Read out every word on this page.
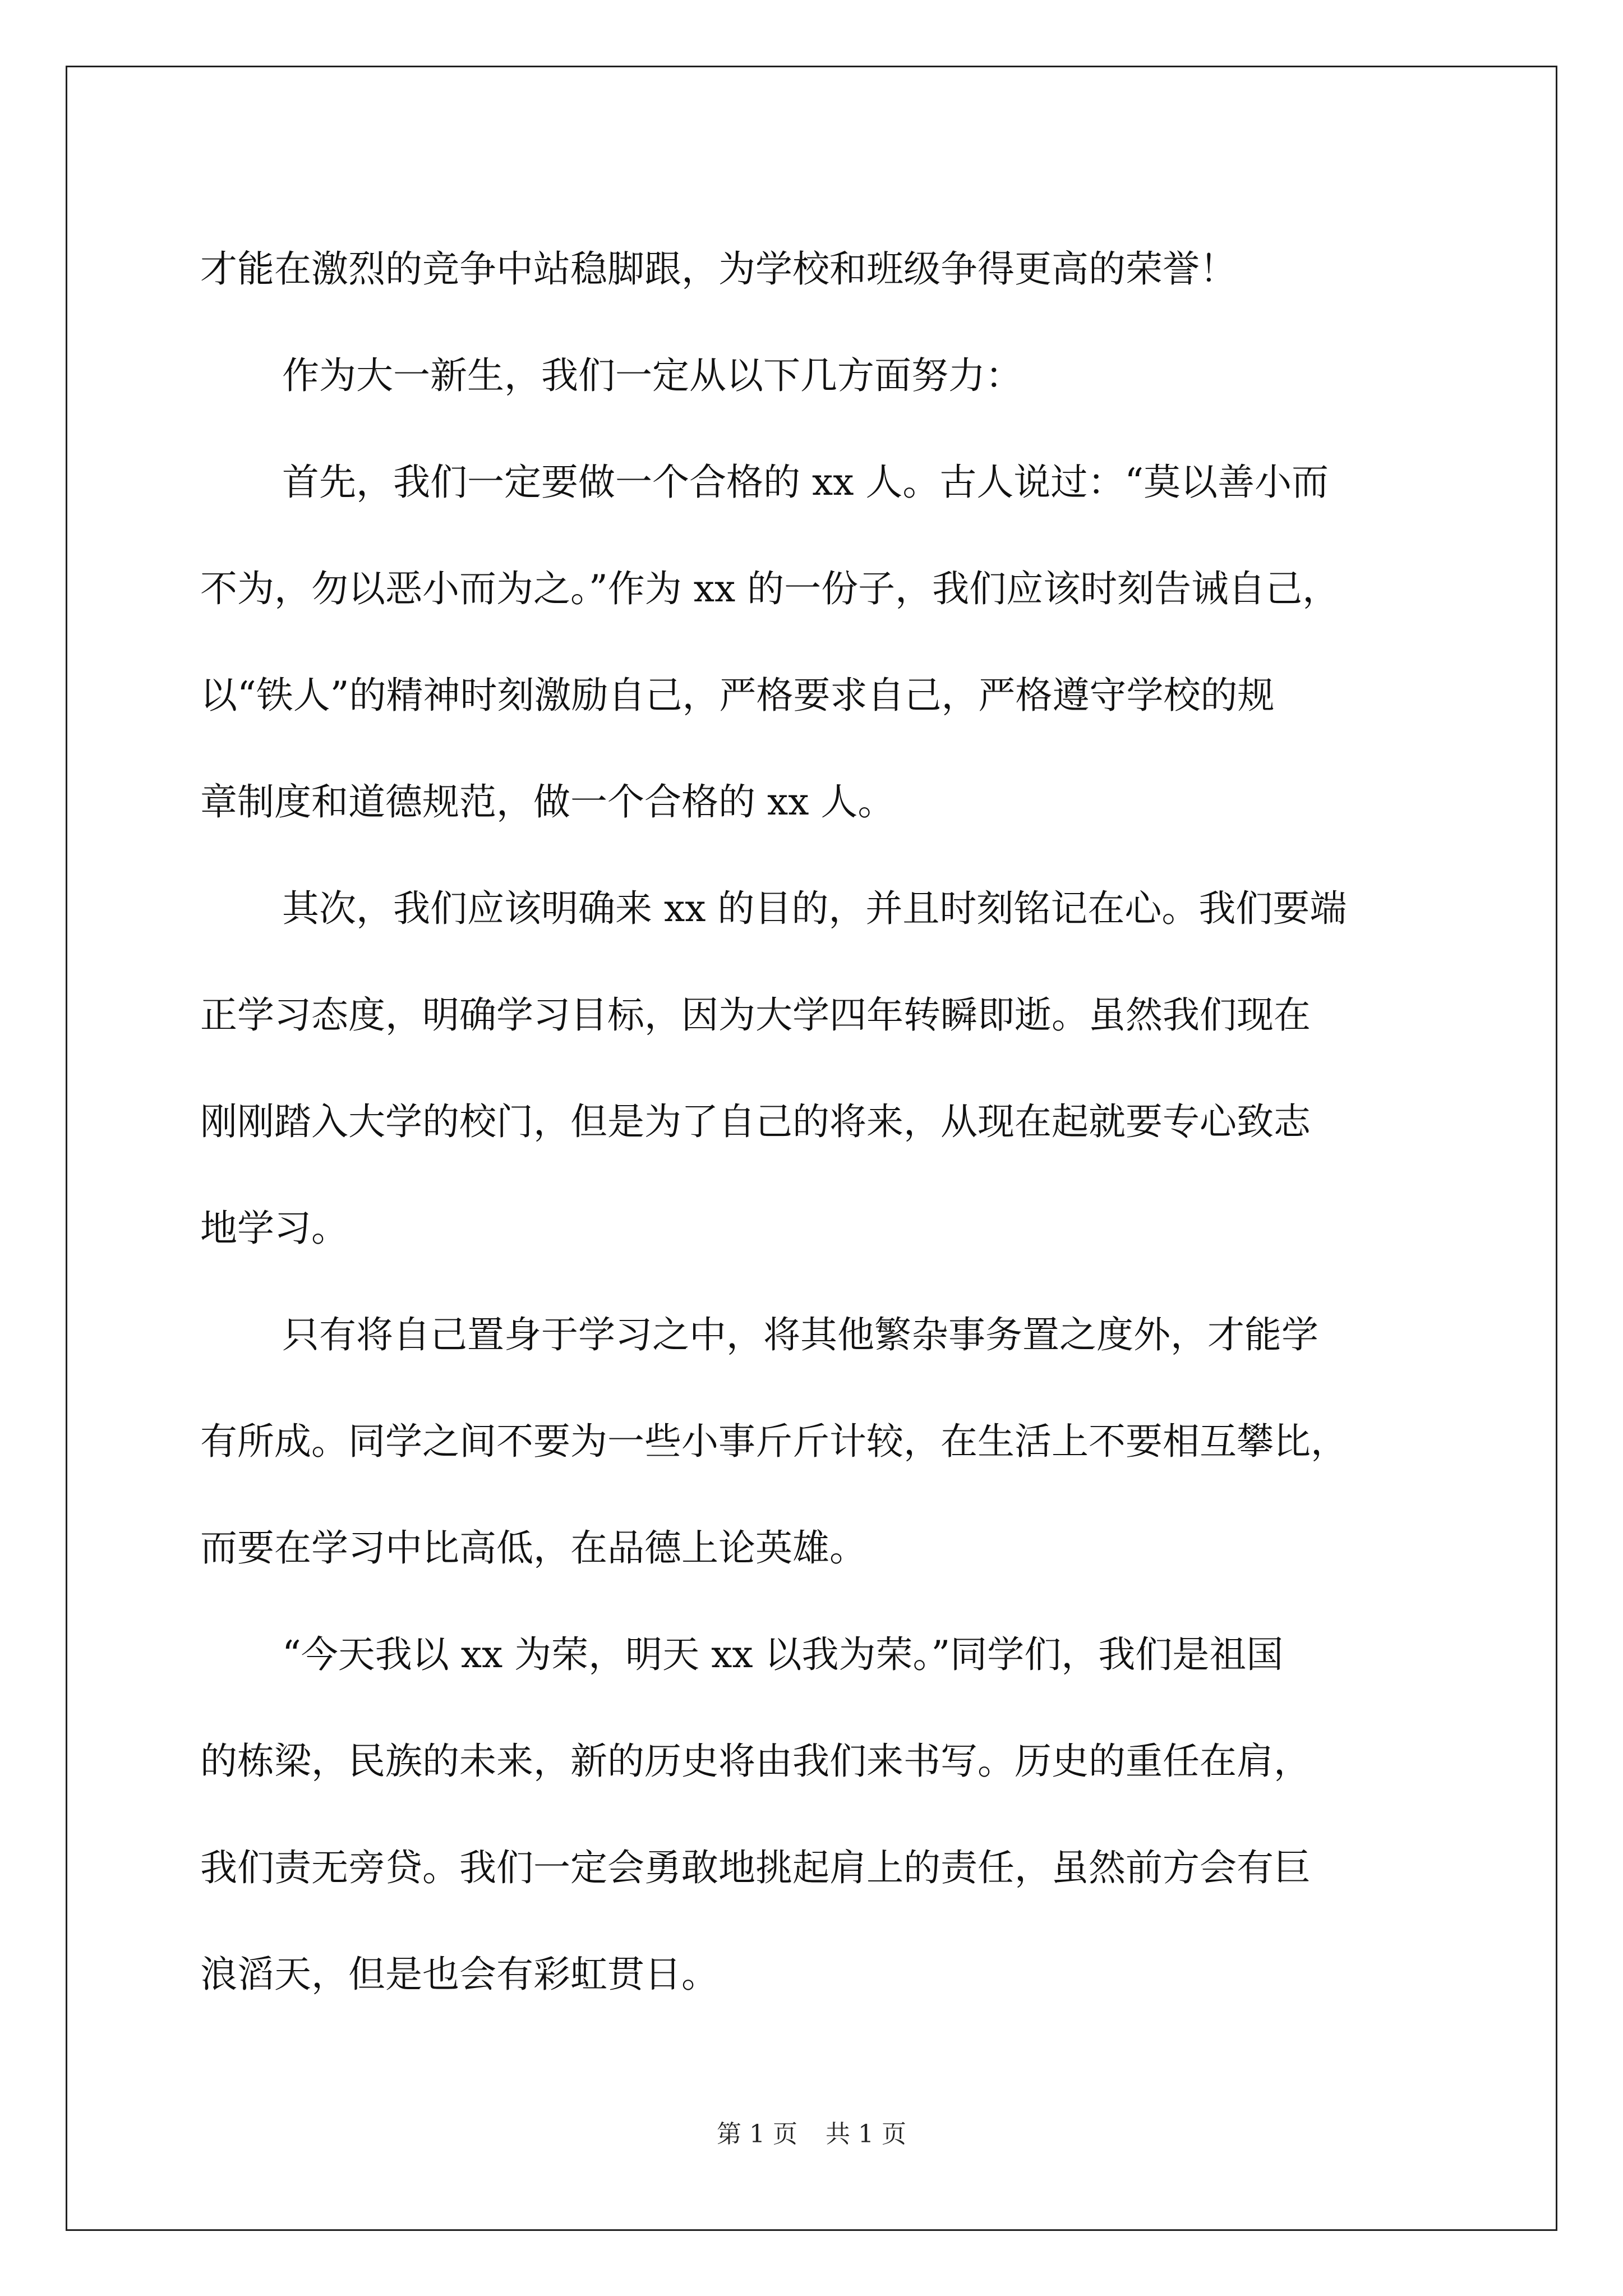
才能在激烈的竞争中站稳脚跟，为学校和班级争得更高的荣誉！
作为大一新生，我们一定从以下几方面努力：
首先，我们一定要做一个合格的 xx 人。古人说过：“莫以善小而
不为，勿以恶小而为之。”作为 xx 的一份子，我们应该时刻告诫自己，
以“铁人”的精神时刻激励自己，严格要求自己，严格遵守学校的规
章制度和道德规范，做一个合格的 xx 人。
其次，我们应该明确来 xx 的目的，并且时刻铭记在心。我们要端
正学习态度，明确学习目标，因为大学四年转瞬即逝。虽然我们现在
刚刚踏入大学的校门，但是为了自己的将来，从现在起就要专心致志
地学习。
只有将自己置身于学习之中，将其他繁杂事务置之度外，才能学
有所成。同学之间不要为一些小事斤斤计较，在生活上不要相互攀比，
而要在学习中比高低，在品德上论英雄。
“今天我以 xx 为荣，明天 xx 以我为荣。”同学们，我们是祖国
的栋梁，民族的未来，新的历史将由我们来书写。历史的重任在肩，
我们责无旁贷。我们一定会勇敢地挑起肩上的责任，虽然前方会有巨
浪滔天，但是也会有彩虹贯日。
第 1 页 共 1 页
